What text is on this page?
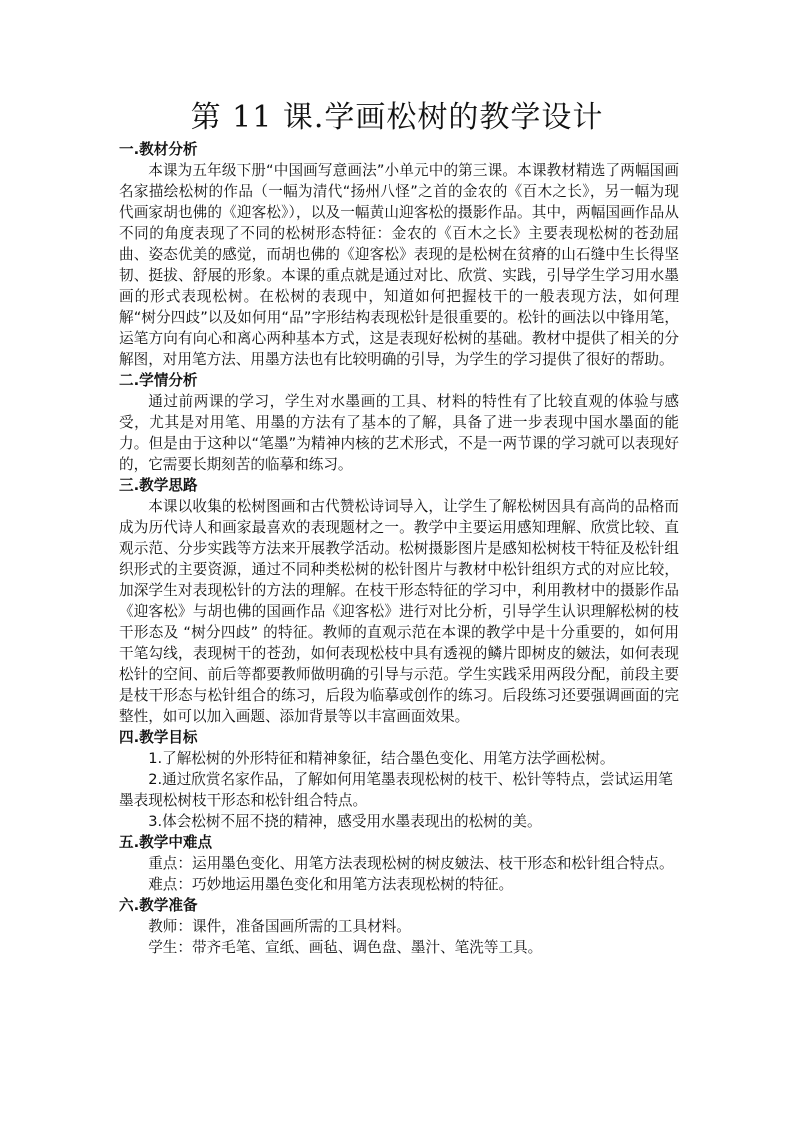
第 11 课.学画松树的教学设计
一.教材分析

本课为五年级下册“中国画写意画法”小单元中的第三课。本课教材精选了两幅国画名家描绘松树的作品（一幅为清代“扬州八怪”之首的金农的《百木之长》，另一幅为现代画家胡也佛的《迎客松》），以及一幅黄山迎客松的摄影作品。其中，两幅国画作品从不同的角度表现了不同的松树形态特征：金农的《百木之长》主要表现松树的苍劲屈曲、姿态优美的感觉，而胡也佛的《迎客松》表现的是松树在贫瘠的山石缝中生长得坚韧、挺拔、舒展的形象。本课的重点就是通过对比、欣赏、实践，引导学生学习用水墨画的形式表现松树。在松树的表现中，知道如何把握枝干的一般表现方法，如何理解“树分四歧”以及如何用“品”字形结构表现松针是很重要的。松针的画法以中锋用笔，运笔方向有向心和离心两种基本方式，这是表现好松树的基础。教材中提供了相关的分解图，对用笔方法、用墨方法也有比较明确的引导，为学生的学习提供了很好的帮助。

二.学情分析

通过前两课的学习，学生对水墨画的工具、材料的特性有了比较直观的体验与感受，尤其是对用笔、用墨的方法有了基本的了解，具备了进一步表现中国水墨面的能力。但是由于这种以“笔墨”为精神内核的艺术形式，不是一两节课的学习就可以表现好的，它需要长期刻苦的临摹和练习。

三.教学思路

本课以收集的松树图画和古代赞松诗词导入，让学生了解松树因具有高尚的品格而成为历代诗人和画家最喜欢的表现题材之一。教学中主要运用感知理解、欣赏比较、直观示范、分步实践等方法来开展教学活动。松树摄影图片是感知松树枝干特征及松针组织形式的主要资源，通过不同种类松树的松针图片与教材中松针组织方式的对应比较，加深学生对表现松针的方法的理解。在枝干形态特征的学习中，利用教材中的摄影作品《迎客松》与胡也佛的国画作品《迎客松》进行对比分析，引导学生认识理解松树的枝干形态及 “树分四歧” 的特征。教师的直观示范在本课的教学中是十分重要的，如何用干笔勾线，表现树干的苍劲，如何表现松枝中具有透视的鳞片即树皮的皴法，如何表现松针的空间、前后等都要教师做明确的引导与示范。学生实践采用两段分配，前段主要是枝干形态与松针组合的练习，后段为临摹或创作的练习。后段练习还要强调画面的完整性，如可以加入画题、添加背景等以丰富画面效果。

四.教学目标

1.了解松树的外形特征和精神象征，结合墨色变化、用笔方法学画松树。

2.通过欣赏名家作品，了解如何用笔墨表现松树的枝干、松针等特点，尝试运用笔墨表现松树枝干形态和松针组合特点。

3.体会松树不屈不挠的精神，感受用水墨表现出的松树的美。

五.教学中难点

重点：运用墨色变化、用笔方法表现松树的树皮皴法、枝干形态和松针组合特点。

难点：巧妙地运用墨色变化和用笔方法表现松树的特征。

六.教学准备

教师：课件，准备国画所需的工具材料。

学生：带齐毛笔、宣纸、画毡、调色盘、墨汁、笔洗等工具。
